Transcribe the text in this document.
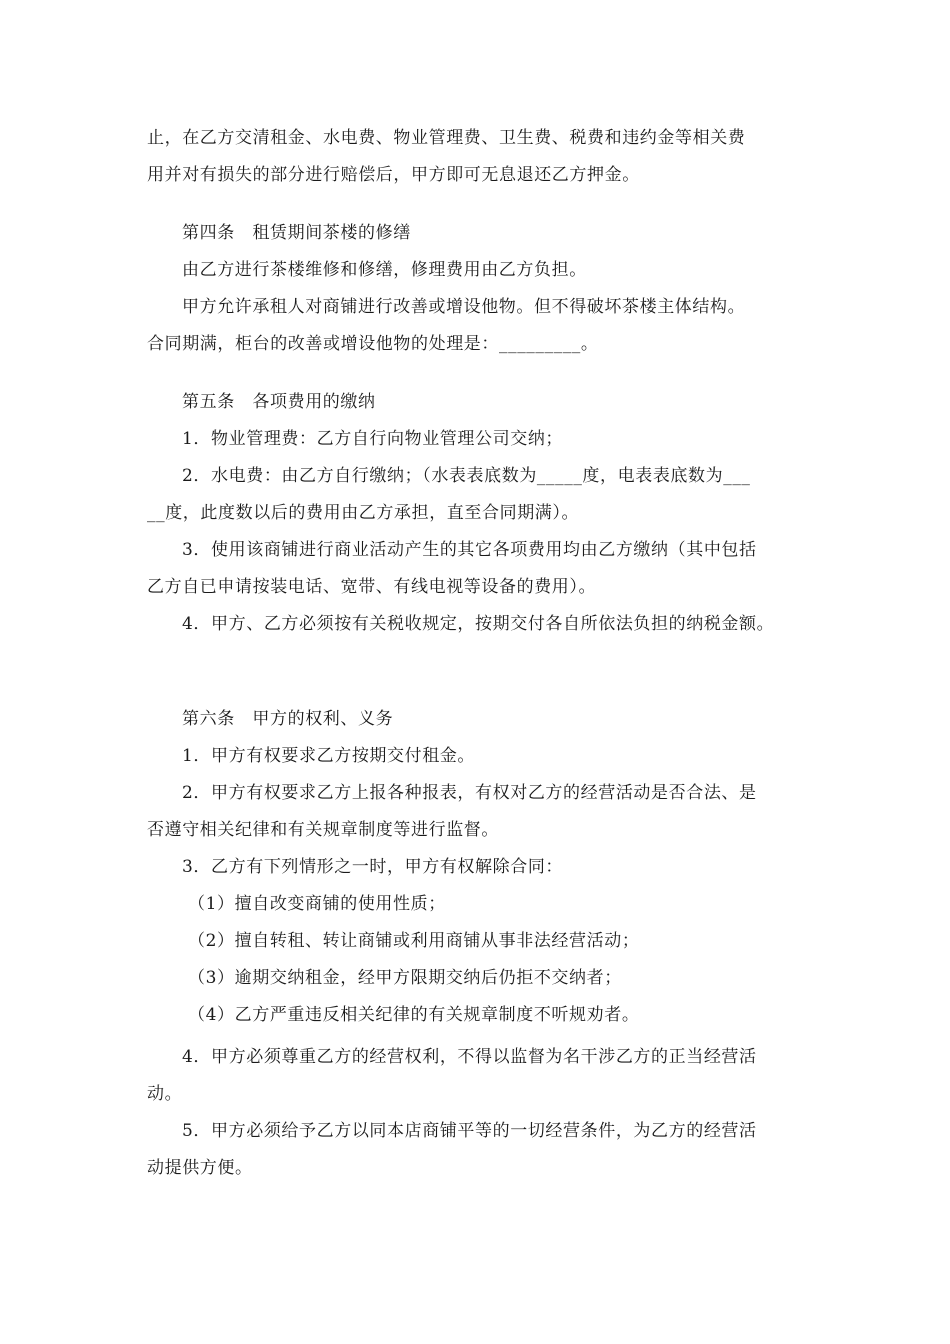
止，在乙方交清租金、水电费、物业管理费、卫生费、税费和违约金等相关费
用并对有损失的部分进行赔偿后，甲方即可无息退还乙方押金。
第四条　租赁期间茶楼的修缮
由乙方进行茶楼维修和修缮，修理费用由乙方负担。
甲方允许承租人对商铺进行改善或增设他物。但不得破坏茶楼主体结构。
合同期满，柜台的改善或增设他物的处理是：_________。
第五条　各项费用的缴纳
1．物业管理费：乙方自行向物业管理公司交纳；
2．水电费：由乙方自行缴纳；（水表表底数为_____度，电表表底数为___
__度，此度数以后的费用由乙方承担，直至合同期满）。
3．使用该商铺进行商业活动产生的其它各项费用均由乙方缴纳（其中包括
乙方自已申请按装电话、宽带、有线电视等设备的费用）。
4．甲方、乙方必须按有关税收规定，按期交付各自所依法负担的纳税金额。
第六条　甲方的权利、义务
1．甲方有权要求乙方按期交付租金。
2．甲方有权要求乙方上报各种报表，有权对乙方的经营活动是否合法、是
否遵守相关纪律和有关规章制度等进行监督。
3．乙方有下列情形之一时，甲方有权解除合同：
（1）擅自改变商铺的使用性质；
（2）擅自转租、转让商铺或利用商铺从事非法经营活动；
（3）逾期交纳租金，经甲方限期交纳后仍拒不交纳者；
（4）乙方严重违反相关纪律的有关规章制度不听规劝者。
4．甲方必须尊重乙方的经营权利，不得以监督为名干涉乙方的正当经营活
动。
5．甲方必须给予乙方以同本店商铺平等的一切经营条件，为乙方的经营活
动提供方便。
